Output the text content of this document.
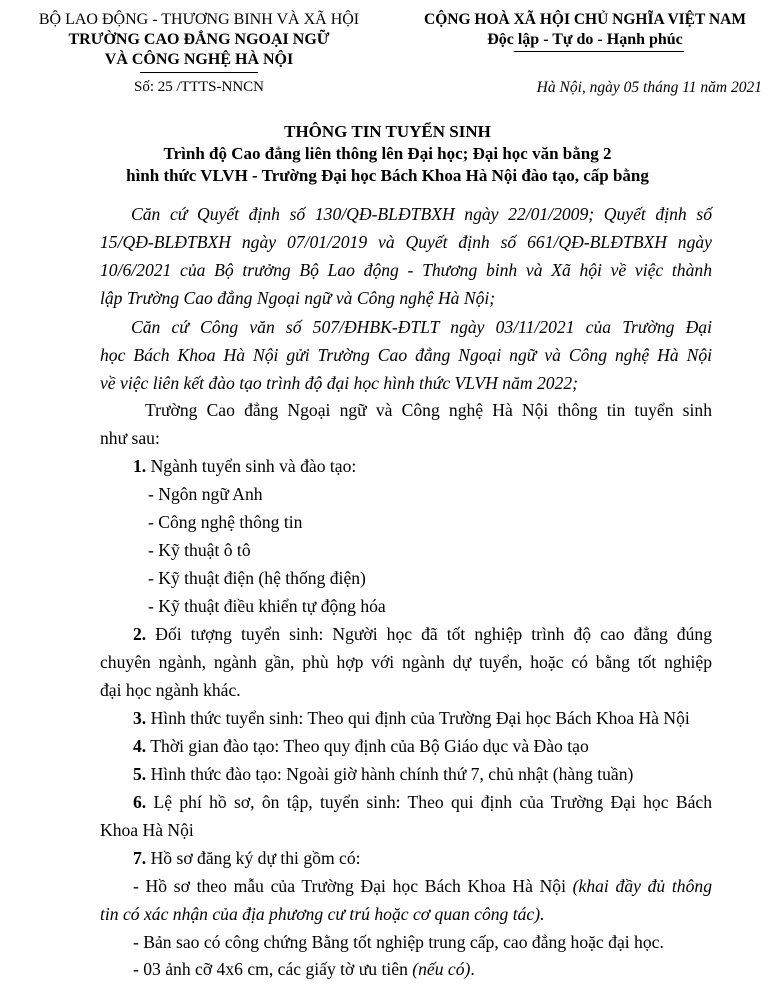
BỘ LAO ĐỘNG - THƯƠNG BINH VÀ XÃ HỘI
TRƯỜNG CAO ĐẲNG NGOẠI NGỮ
VÀ CÔNG NGHỆ HÀ NỘI
Số: 25 /TTTS-NNCN
CỘNG HOÀ XÃ HỘI CHỦ NGHĨA VIỆT NAM
Độc lập - Tự do - Hạnh phúc
Hà Nội, ngày 05 tháng 11 năm 2021
THÔNG TIN TUYỂN SINH
Trình độ Cao đẳng liên thông lên Đại học; Đại học văn bằng 2
hình thức VLVH - Trường Đại học Bách Khoa Hà Nội đào tạo, cấp bằng
Căn cứ Quyết định số 130/QĐ-BLĐTBXH ngày 22/01/2009; Quyết định số
15/QĐ-BLĐTBXH ngày 07/01/2019 và Quyết định số 661/QĐ-BLĐTBXH ngày
10/6/2021 của Bộ trưởng Bộ Lao động - Thương binh và Xã hội về việc thành
lập Trường Cao đẳng Ngoại ngữ và Công nghệ Hà Nội;
Căn cứ Công văn số 507/ĐHBK-ĐTLT ngày 03/11/2021 của Trường Đại
học Bách Khoa Hà Nội gửi Trường Cao đẳng Ngoại ngữ và Công nghệ Hà Nội
về việc liên kết đào tạo trình độ đại học hình thức VLVH năm 2022;
Trường Cao đẳng Ngoại ngữ và Công nghệ Hà Nội thông tin tuyển sinh
như sau:
1. Ngành tuyển sinh và đào tạo:
- Ngôn ngữ Anh
- Công nghệ thông tin
- Kỹ thuật ô tô
- Kỹ thuật điện (hệ thống điện)
- Kỹ thuật điều khiển tự động hóa
2. Đối tượng tuyển sinh: Người học đã tốt nghiệp trình độ cao đẳng đúng
chuyên ngành, ngành gần, phù hợp với ngành dự tuyển, hoặc có bằng tốt nghiệp
đại học ngành khác.
3. Hình thức tuyển sinh: Theo qui định của Trường Đại học Bách Khoa Hà Nội
4. Thời gian đào tạo: Theo quy định của Bộ Giáo dục và Đào tạo
5. Hình thức đào tạo: Ngoài giờ hành chính thứ 7, chủ nhật (hàng tuần)
6. Lệ phí hồ sơ, ôn tập, tuyển sinh: Theo qui định của Trường Đại học Bách
Khoa Hà Nội
7. Hồ sơ đăng ký dự thi gồm có:
- Hồ sơ theo mẫu của Trường Đại học Bách Khoa Hà Nội (khai đầy đủ thông
tin có xác nhận của địa phương cư trú hoặc cơ quan công tác).
- Bản sao có công chứng Bằng tốt nghiệp trung cấp, cao đẳng hoặc đại học.
- 03 ảnh cỡ 4x6 cm, các giấy tờ ưu tiên (nếu có).
